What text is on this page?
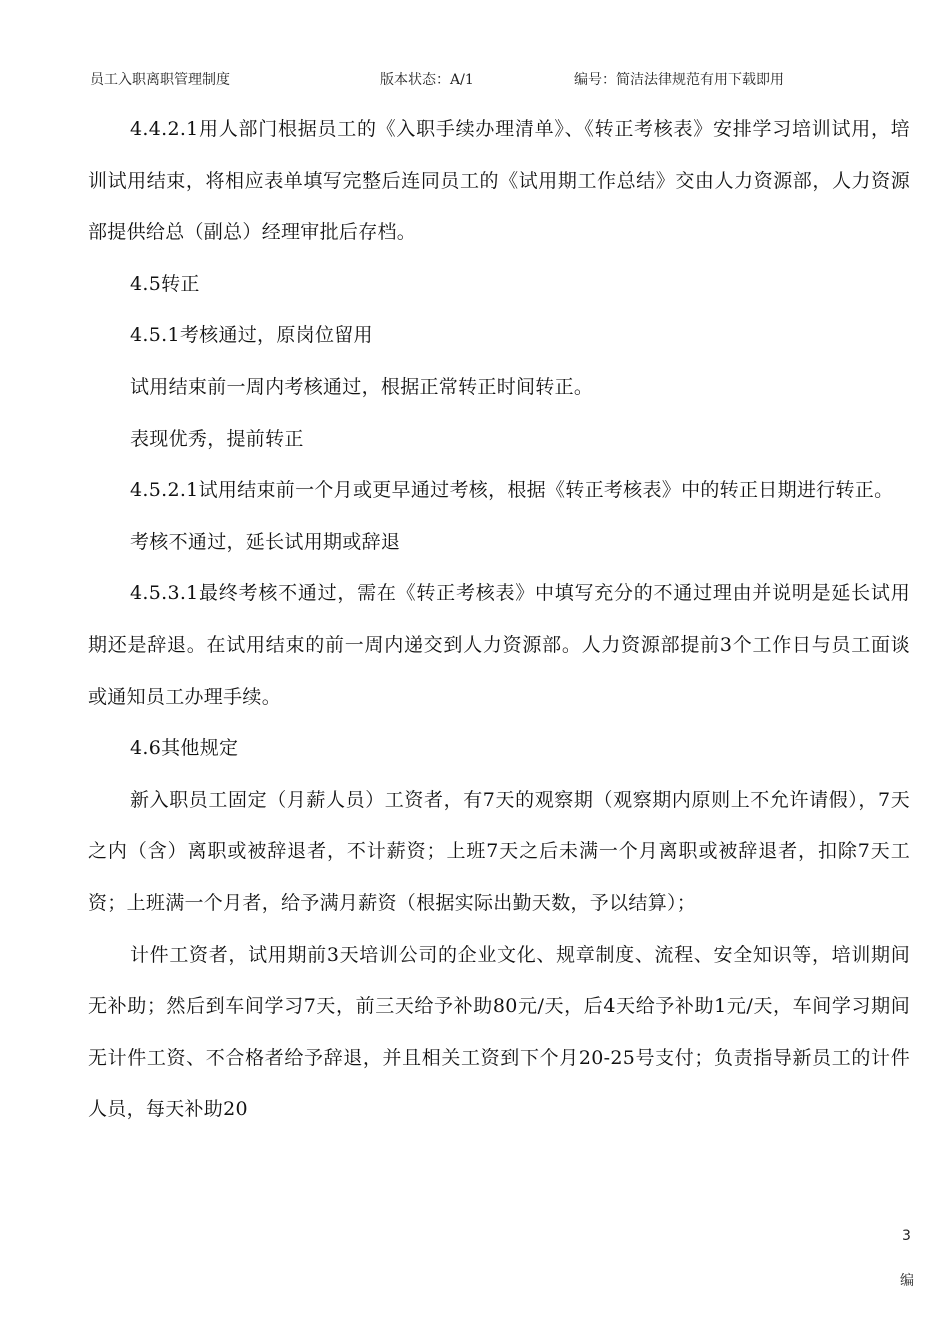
员工入职离职管理制度	版本状态：A/1	编号：简洁法律规范有用下载即用

4.4.2.1用人部门根据员工的《入职手续办理清单》、《转正考核表》安排学习培训试用，培训试用结束，将相应表单填写完整后连同员工的《试用期工作总结》交由人力资源部，人力资源部提供给总（副总）经理审批后存档。

4.5转正

4.5.1考核通过，原岗位留用

试用结束前一周内考核通过，根据正常转正时间转正。

表现优秀，提前转正

4.5.2.1试用结束前一个月或更早通过考核，根据《转正考核表》中的转正日期进行转正。

考核不通过，延长试用期或辞退

4.5.3.1最终考核不通过，需在《转正考核表》中填写充分的不通过理由并说明是延长试用期还是辞退。在试用结束的前一周内递交到人力资源部。人力资源部提前3个工作日与员工面谈或通知员工办理手续。

4.6其他规定

新入职员工固定（月薪人员）工资者，有7天的观察期（观察期内原则上不允许请假），7天之内（含）离职或被辞退者，不计薪资；上班7天之后未满一个月离职或被辞退者，扣除7天工资；上班满一个月者，给予满月薪资（根据实际出勤天数，予以结算）；

计件工资者，试用期前3天培训公司的企业文化、规章制度、流程、安全知识等，培训期间无补助；然后到车间学习7天，前三天给予补助80元/天，后4天给予补助1元/天，车间学习期间无计件工资、不合格者给予辞退，并且相关工资到下个月20-25号支付；负责指导新员工的计件人员，每天补助20

3
编
